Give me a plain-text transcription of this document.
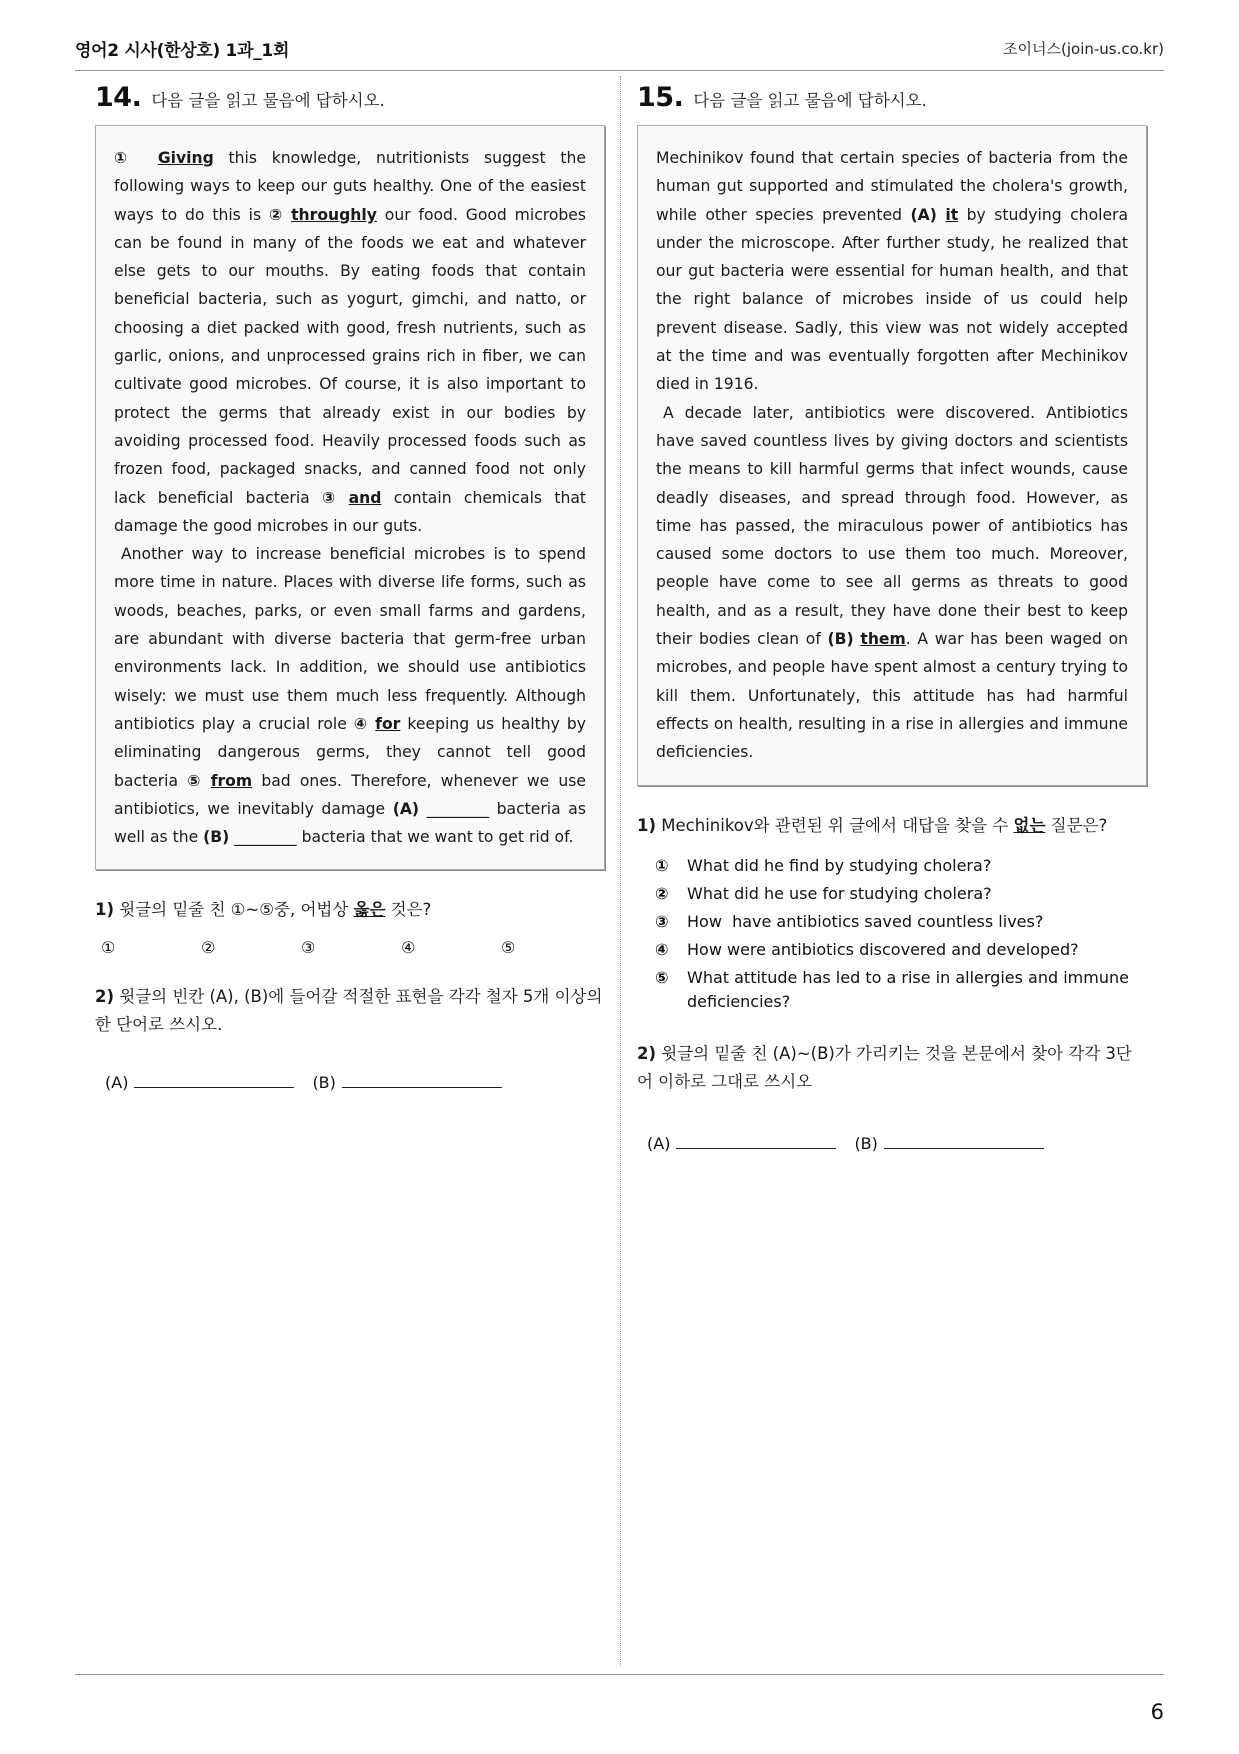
영어2 시사(한상호) 1과_1회	조이너스(join-us.co.kr)
14. 다음 글을 읽고 물음에 답하시오.

① Giving this knowledge, nutritionists suggest the following ways to keep our guts healthy. One of the easiest ways to do this is ② throughly our food. Good microbes can be found in many of the foods we eat and whatever else gets to our mouths. By eating foods that contain beneficial bacteria, such as yogurt, gimchi, and natto, or choosing a diet packed with good, fresh nutrients, such as garlic, onions, and unprocessed grains rich in fiber, we can cultivate good microbes. Of course, it is also important to protect the germs that already exist in our bodies by avoiding processed food. Heavily processed foods such as frozen food, packaged snacks, and canned food not only lack beneficial bacteria ③ and contain chemicals that damage the good microbes in our guts.

Another way to increase beneficial microbes is to spend more time in nature. Places with diverse life forms, such as woods, beaches, parks, or even small farms and gardens, are abundant with diverse bacteria that germ-free urban environments lack. In addition, we should use antibiotics wisely: we must use them much less frequently. Although antibiotics play a crucial role ④ for keeping us healthy by eliminating dangerous germs, they cannot tell good bacteria ⑤ from bad ones. Therefore, whenever we use antibiotics, we inevitably damage (A) ________ bacteria as well as the (B) ________ bacteria that we want to get rid of.

1) 윗글의 밑줄 친 ①~⑤중, 어법상 옳은 것은?
①	②	③	④	⑤
2) 윗글의 빈칸 (A), (B)에 들어갈 적절한 표현을 각각 철자 5개 이상의 한 단어로 쓰시오.
(A)	(B)
15. 다음 글을 읽고 물음에 답하시오.

Mechinikov found that certain species of bacteria from the human gut supported and stimulated the cholera's growth, while other species prevented (A) it by studying cholera under the microscope. After further study, he realized that our gut bacteria were essential for human health, and that the right balance of microbes inside of us could help prevent disease. Sadly, this view was not widely accepted at the time and was eventually forgotten after Mechinikov died in 1916.

A decade later, antibiotics were discovered. Antibiotics have saved countless lives by giving doctors and scientists the means to kill harmful germs that infect wounds, cause deadly diseases, and spread through food. However, as time has passed, the miraculous power of antibiotics has caused some doctors to use them too much. Moreover, people have come to see all germs as threats to good health, and as a result, they have done their best to keep their bodies clean of (B) them. A war has been waged on microbes, and people have spent almost a century trying to kill them. Unfortunately, this attitude has had harmful effects on health, resulting in a rise in allergies and immune deficiencies.

1) Mechinikov와 관련된 위 글에서 대답을 찾을 수 없는 질문은?
①	What did he find by studying cholera?
②	What did he use for studying cholera?
③	How  have antibiotics saved countless lives?
④	How were antibiotics discovered and developed?
⑤	What attitude has led to a rise in allergies and immune deficiencies?
2) 윗글의 밑줄 친 (A)~(B)가 가리키는 것을 본문에서 찾아 각각 3단어 이하로 그대로 쓰시오
(A)	(B)
6
